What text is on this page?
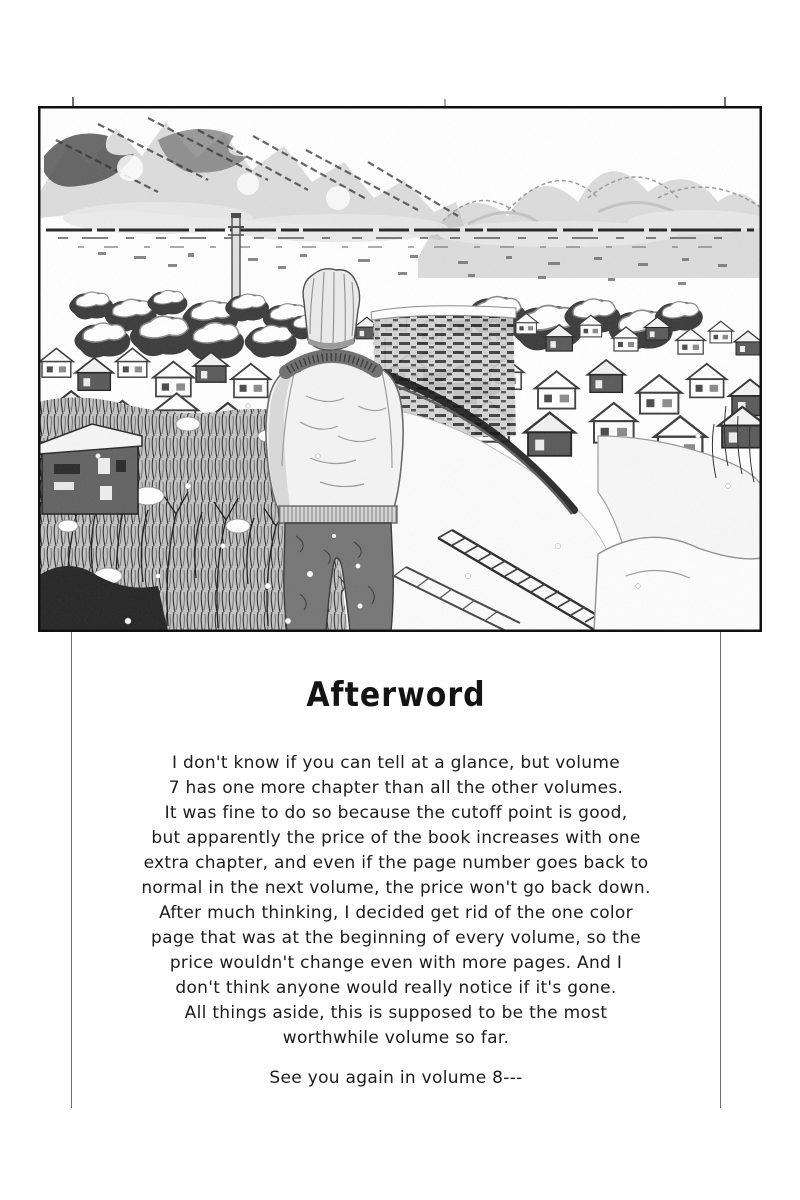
Afterword
I don't know if you can tell at a glance, but volume
7 has one more chapter than all the other volumes.
It was fine to do so because the cutoff point is good,
but apparently the price of the book increases with one
extra chapter, and even if the page number goes back to
normal in the next volume, the price won't go back down.
After much thinking, I decided get rid of the one color
page that was at the beginning of every volume, so the
price wouldn't change even with more pages. And I
don't think anyone would really notice if it's gone.
All things aside, this is supposed to be the most
worthwhile volume so far.
See you again in volume 8---
